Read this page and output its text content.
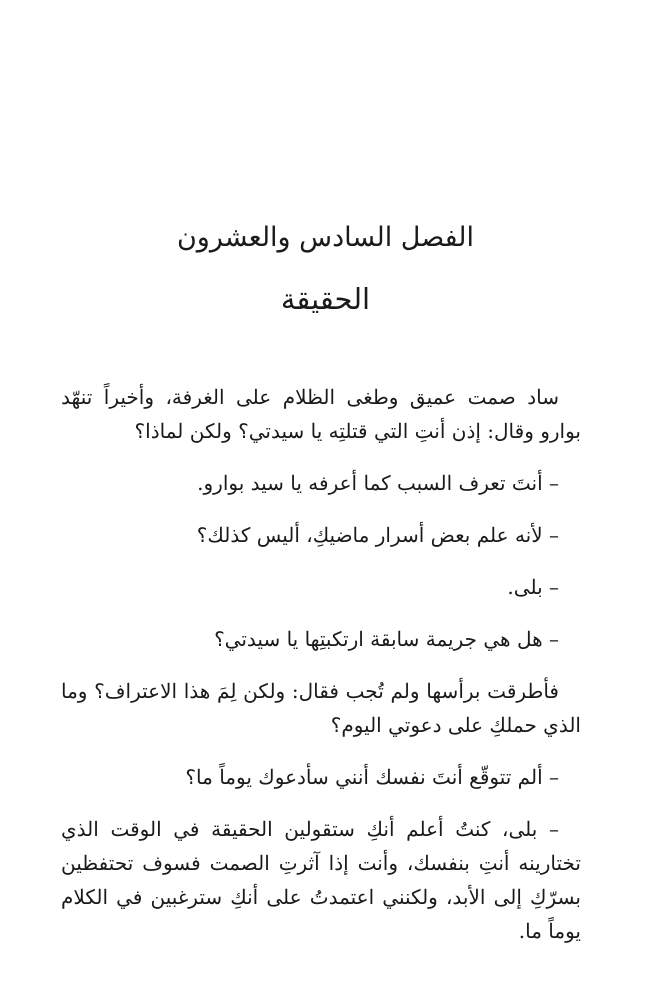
الفصل السادس والعشرون
الحقيقة

ساد صمت عميق وطغى الظلام على الغرفة، وأخيراً تنهّد بوارو وقال: إذن أنتِ التي قتلتِه يا سيدتي؟ ولكن لماذا؟

– أنتَ تعرف السبب كما أعرفه يا سيد بوارو.

– لأنه علم بعض أسرار ماضيكِ، أليس كذلك؟

– بلى.

– هل هي جريمة سابقة ارتكبتِها يا سيدتي؟

فأطرقت برأسها ولم تُجب فقال: ولكن لِمَ هذا الاعتراف؟ وما الذي حملكِ على دعوتي اليوم؟

– ألم تتوقّع أنتَ نفسك أنني سأدعوك يوماً ما؟

– بلى، كنتُ أعلم أنكِ ستقولين الحقيقة في الوقت الذي تختارينه أنتِ بنفسك، وأنت إذا آثرتِ الصمت فسوف تحتفظين بسرّكِ إلى الأبد، ولكنني اعتمدتُ على أنكِ سترغبين في الكلام يوماً ما.
